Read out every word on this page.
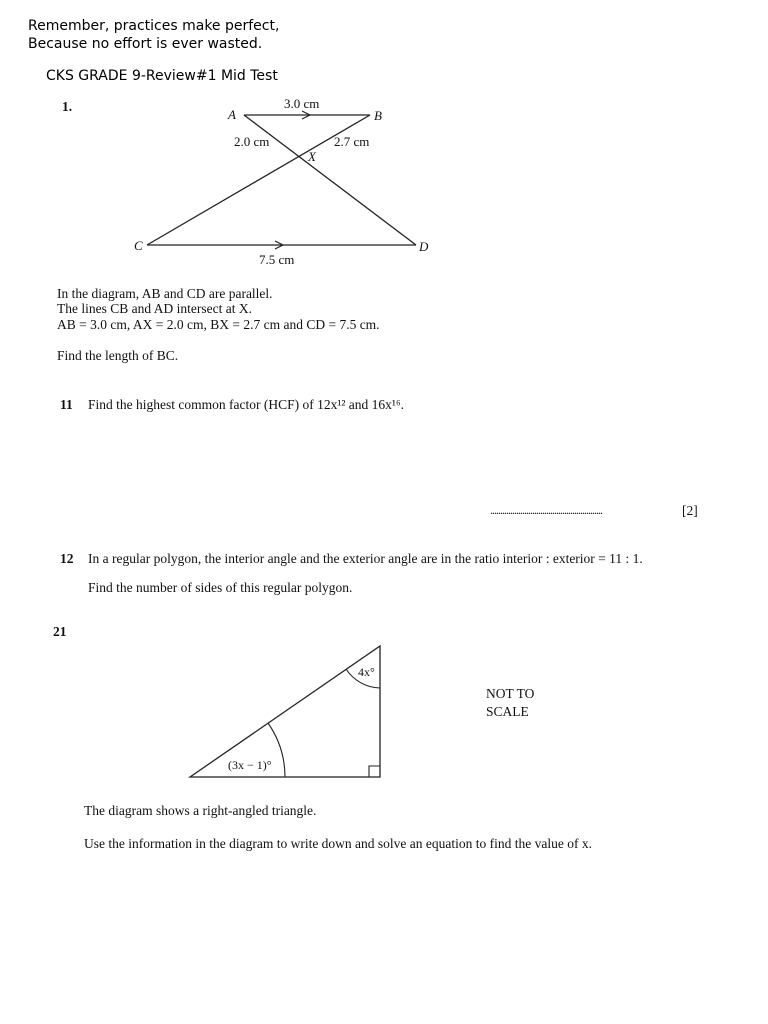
Remember, practices make perfect,
Because no effort is ever wasted.
CKS GRADE 9-Review#1 Mid Test
1.
A	B
C	D
X
3.0 cm
2.0 cm	2.7 cm
7.5 cm
In the diagram, AB and CD are parallel.
The lines CB and AD intersect at X.
AB = 3.0 cm, AX = 2.0 cm, BX = 2.7 cm and CD = 7.5 cm.
Find the length of BC.
11 Find the highest common factor (HCF) of 12x¹² and 16x¹⁶.
........................................................	[2]
12 In a regular polygon, the interior angle and the exterior angle are in the ratio interior : exterior = 11 : 1.
Find the number of sides of this regular polygon.
21
4x°
(3x − 1)°
NOT TO
SCALE
The diagram shows a right-angled triangle.
Use the information in the diagram to write down and solve an equation to find the value of x.
